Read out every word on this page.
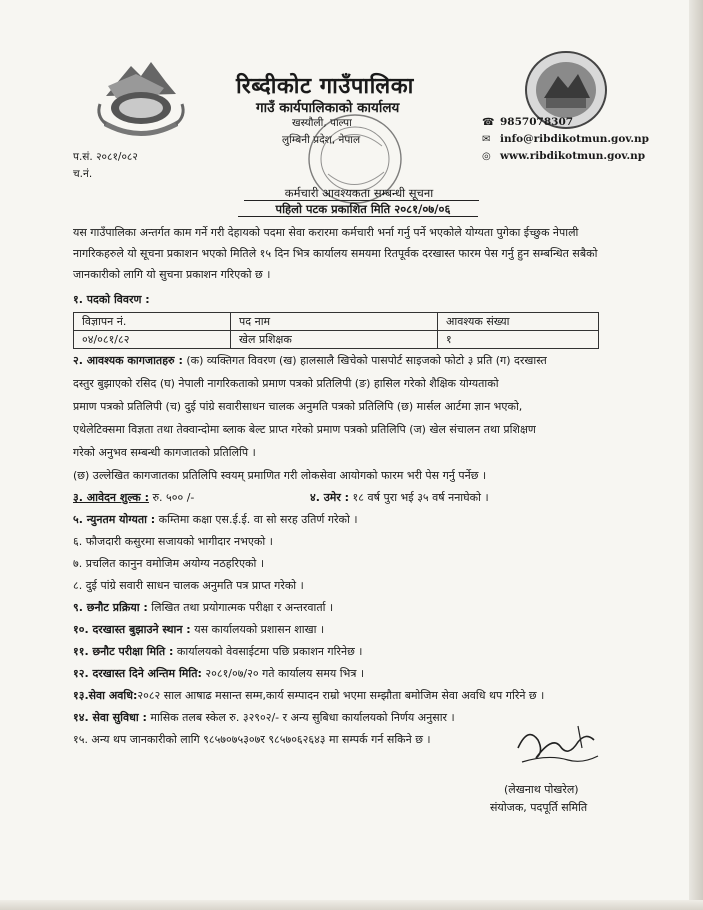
रिब्दीकोट गाउँपालिका
गाउँ कार्यपालिकाको कार्यालय
खस्यौली, पाल्पा
लुम्बिनी प्रदेश, नेपाल
☎ 9857078307
✉ info@ribdikotmun.gov.np
◎ www.ribdikotmun.gov.np
प.सं. २०८१/०८२
च.नं.
कर्मचारी आवश्यकता सम्बन्धी सूचना
पहिलो पटक प्रकाशित मिति २०८१/०७/०६
यस गाउँपालिका अन्तर्गत काम गर्ने गरी देहायको पदमा सेवा करारमा कर्मचारी भर्ना गर्नु पर्ने भएकोले योग्यता पुगेका ईच्छुक नेपाली नागरिकहरुले यो सूचना प्रकाशन भएको मितिले १५ दिन भित्र कार्यालय समयमा रितपूर्वक दरखास्त फारम पेस गर्नु हुन सम्बन्धित सबैको जानकारीको लागि यो सुचना प्रकाशन गरिएको छ ।
१. पदको विवरण :
विज्ञापन नं.	पद नाम	आवश्यक संख्या
०४/०८१/८२	खेल प्रशिक्षक	१
२. आवश्यक कागजातहरु : (क) व्यक्तिगत विवरण (ख) हालसालै खिचेको पासपोर्ट साइजको फोटो ३ प्रति (ग) दरखास्त
दस्तुर बुझाएको रसिद (घ) नेपाली नागरिकताको प्रमाण पत्रको प्रतिलिपी (ङ) हासिल गरेको शैक्षिक योग्यताको
प्रमाण पत्रको प्रतिलिपी (च) दुई पांग्रे सवारीसाधन चालक अनुमति पत्रको प्रतिलिपि (छ) मार्सल आर्टमा ज्ञान भएको,
एथेलेटिक्समा विज्ञता तथा तेक्वान्दोमा ब्लाक बेल्ट प्राप्त गरेको प्रमाण पत्रको प्रतिलिपि (ज) खेल संचालन तथा प्रशिक्षण
गरेको अनुभव सम्बन्धी कागजातको प्रतिलिपि ।
(छ) उल्लेखित कागजातका प्रतिलिपि स्वयम् प्रमाणित गरी लोकसेवा आयोगको फारम भरी पेस गर्नु पर्नेछ ।
३. आवेदन शुल्क : रु. ५०० /-	४. उमेर : १८ वर्ष पुरा भई ३५ वर्ष ननाघेको ।
५. न्युनतम योग्यता : कम्तिमा कक्षा एस.ई.ई. वा सो सरह उतिर्ण गरेको ।
६. फौजदारी कसुरमा सजायको भागीदार नभएको ।
७. प्रचलित कानुन वमोजिम अयोग्य नठहरिएको ।
८. दुई पांग्रे सवारी साधन चालक अनुमति पत्र प्राप्त गरेको ।
९. छनौट प्रक्रिया : लिखित तथा प्रयोगात्मक परीक्षा र अन्तरवार्ता ।
१०. दरखास्त बुझाउने स्थान : यस कार्यालयको प्रशासन शाखा ।
११. छनौट परीक्षा मिति : कार्यालयको वेवसाईटमा पछि प्रकाशन गरिनेछ ।
१२. दरखास्त दिने अन्तिम मिति: २०८१/०७/२० गते कार्यालय समय भित्र ।
१३.सेवा अवधि:२०८२ साल आषाढ मसान्त सम्म,कार्य सम्पादन राम्रो भएमा सम्झौता बमोजिम सेवा अवधि थप गरिने छ ।
१४. सेवा सुविधा : मासिक तलब स्केल रु. ३२९०२/- र अन्य सुबिधा कार्यालयको निर्णय अनुसार ।
१५. अन्य थप जानकारीको लागि ९८५७०७५३०७र ९८५७०६२६४३ मा सम्पर्क गर्न सकिने छ ।
(लेखनाथ पोखरेल)
संयोजक, पदपूर्ति समिति
